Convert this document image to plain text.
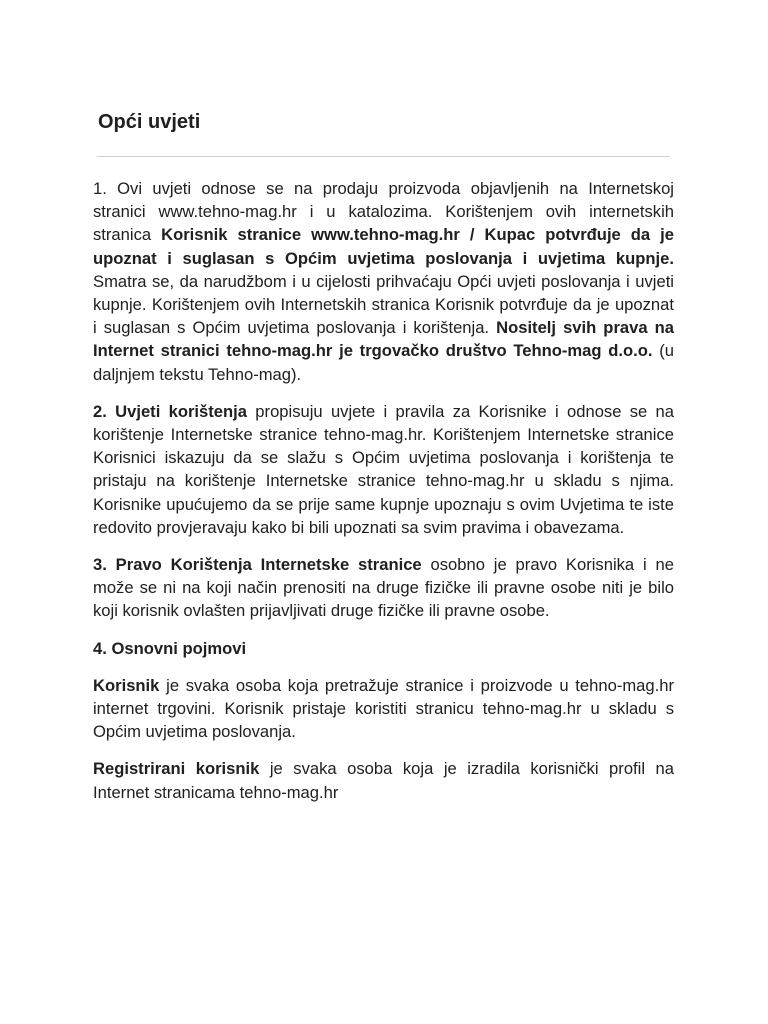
Opći uvjeti

1. Ovi uvjeti odnose se na prodaju proizvoda objavljenih na Internetskoj stranici www.tehno-mag.hr i u katalozima. Korištenjem ovih internetskih stranica Korisnik stranice www.tehno-mag.hr / Kupac potvrđuje da je upoznat i suglasan s Općim uvjetima poslovanja i uvjetima kupnje. Smatra se, da narudžbom i u cijelosti prihvaćaju Opći uvjeti poslovanja i uvjeti kupnje. Korištenjem ovih Internetskih stranica Korisnik potvrđuje da je upoznat i suglasan s Općim uvjetima poslovanja i korištenja. Nositelj svih prava na Internet stranici tehno-mag.hr je trgovačko društvo Tehno-mag d.o.o. (u daljnjem tekstu Tehno-mag).

2. Uvjeti korištenja propisuju uvjete i pravila za Korisnike i odnose se na korištenje Internetske stranice tehno-mag.hr. Korištenjem Internetske stranice Korisnici iskazuju da se slažu s Općim uvjetima poslovanja i korištenja te pristaju na korištenje Internetske stranice tehno-mag.hr u skladu s njima. Korisnike upućujemo da se prije same kupnje upoznaju s ovim Uvjetima te iste redovito provjeravaju kako bi bili upoznati sa svim pravima i obavezama.

3. Pravo Korištenja Internetske stranice osobno je pravo Korisnika i ne može se ni na koji način prenositi na druge fizičke ili pravne osobe niti je bilo koji korisnik ovlašten prijavljivati druge fizičke ili pravne osobe.

4. Osnovni pojmovi

Korisnik je svaka osoba koja pretražuje stranice i proizvode u tehno-mag.hr internet trgovini. Korisnik pristaje koristiti stranicu tehno-mag.hr u skladu s Općim uvjetima poslovanja.

Registrirani korisnik je svaka osoba koja je izradila korisnički profil na Internet stranicama tehno-mag.hr
